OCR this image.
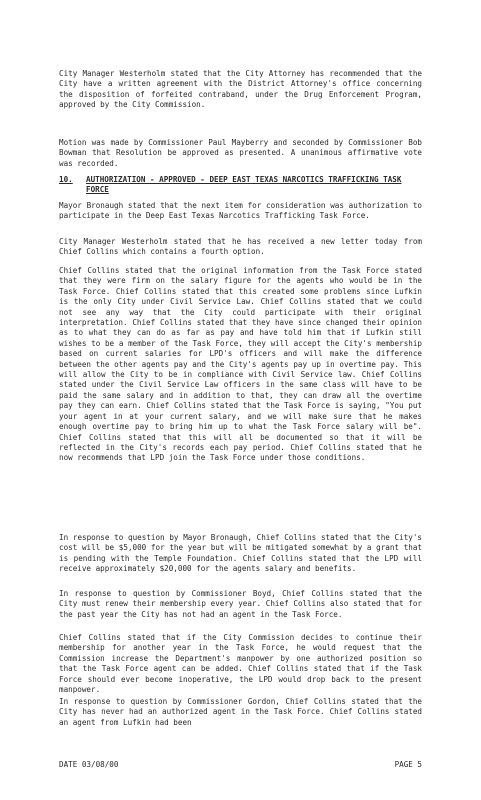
City Manager Westerholm stated that the City Attorney has recommended that the City have a written agreement with the District Attorney's office concerning the disposition of forfeited contraband, under the Drug Enforcement Program, approved by the City Commission.

Motion was made by Commissioner Paul Mayberry and seconded by Commissioner Bob Bowman that Resolution be approved as presented. A unanimous affirmative vote was recorded.

10. AUTHORIZATION - APPROVED - DEEP EAST TEXAS NARCOTICS TRAFFICKING TASK FORCE

Mayor Bronaugh stated that the next item for consideration was authorization to participate in the Deep East Texas Narcotics Trafficking Task Force.

City Manager Westerholm stated that he has received a new letter today from Chief Collins which contains a fourth option.

Chief Collins stated that the original information from the Task Force stated that they were firm on the salary figure for the agents who would be in the Task Force. Chief Collins stated that this created some problems since Lufkin is the only City under Civil Service Law. Chief Collins stated that we could not see any way that the City could participate with their original interpretation. Chief Collins stated that they have since changed their opinion as to what they can do as far as pay and have told him that if Lufkin still wishes to be a member of the Task Force, they will accept the City's membership based on current salaries for LPD's officers and will make the difference between the other agents pay and the City's agents pay up in overtime pay. This will allow the City to be in compliance with Civil Service law. Chief Collins stated under the Civil Service Law officers in the same class will have to be paid the same salary and in addition to that, they can draw all the overtime pay they can earn. Chief Collins stated that the Task Force is saying, "You put your agent in at your current salary, and we will make sure that he makes enough overtime pay to bring him up to what the Task Force salary will be". Chief Collins stated that this will all be documented so that it will be reflected in the City's records each pay period. Chief Collins stated that he now recommends that LPD join the Task Force under those conditions.

In response to question by Mayor Bronaugh, Chief Collins stated that the City's cost will be $5,000 for the year but will be mitigated somewhat by a grant that is pending with the Temple Foundation. Chief Collins stated that the LPD will receive approximately $20,000 for the agents salary and benefits.

In response to question by Commissioner Boyd, Chief Collins stated that the City must renew their membership every year. Chief Collins also stated that for the past year the City has not had an agent in the Task Force.

Chief Collins stated that if the City Commission decides to continue their membership for another year in the Task Force, he would request that the Commission increase the Department's manpower by one authorized position so that the Task Force agent can be added. Chief Collins stated that if the Task Force should ever become inoperative, the LPD would drop back to the present manpower.

In response to question by Commissioner Gordon, Chief Collins stated that the City has never had an authorized agent in the Task Force. Chief Collins stated an agent from Lufkin had been

DATE 03/08/00	PAGE 5
